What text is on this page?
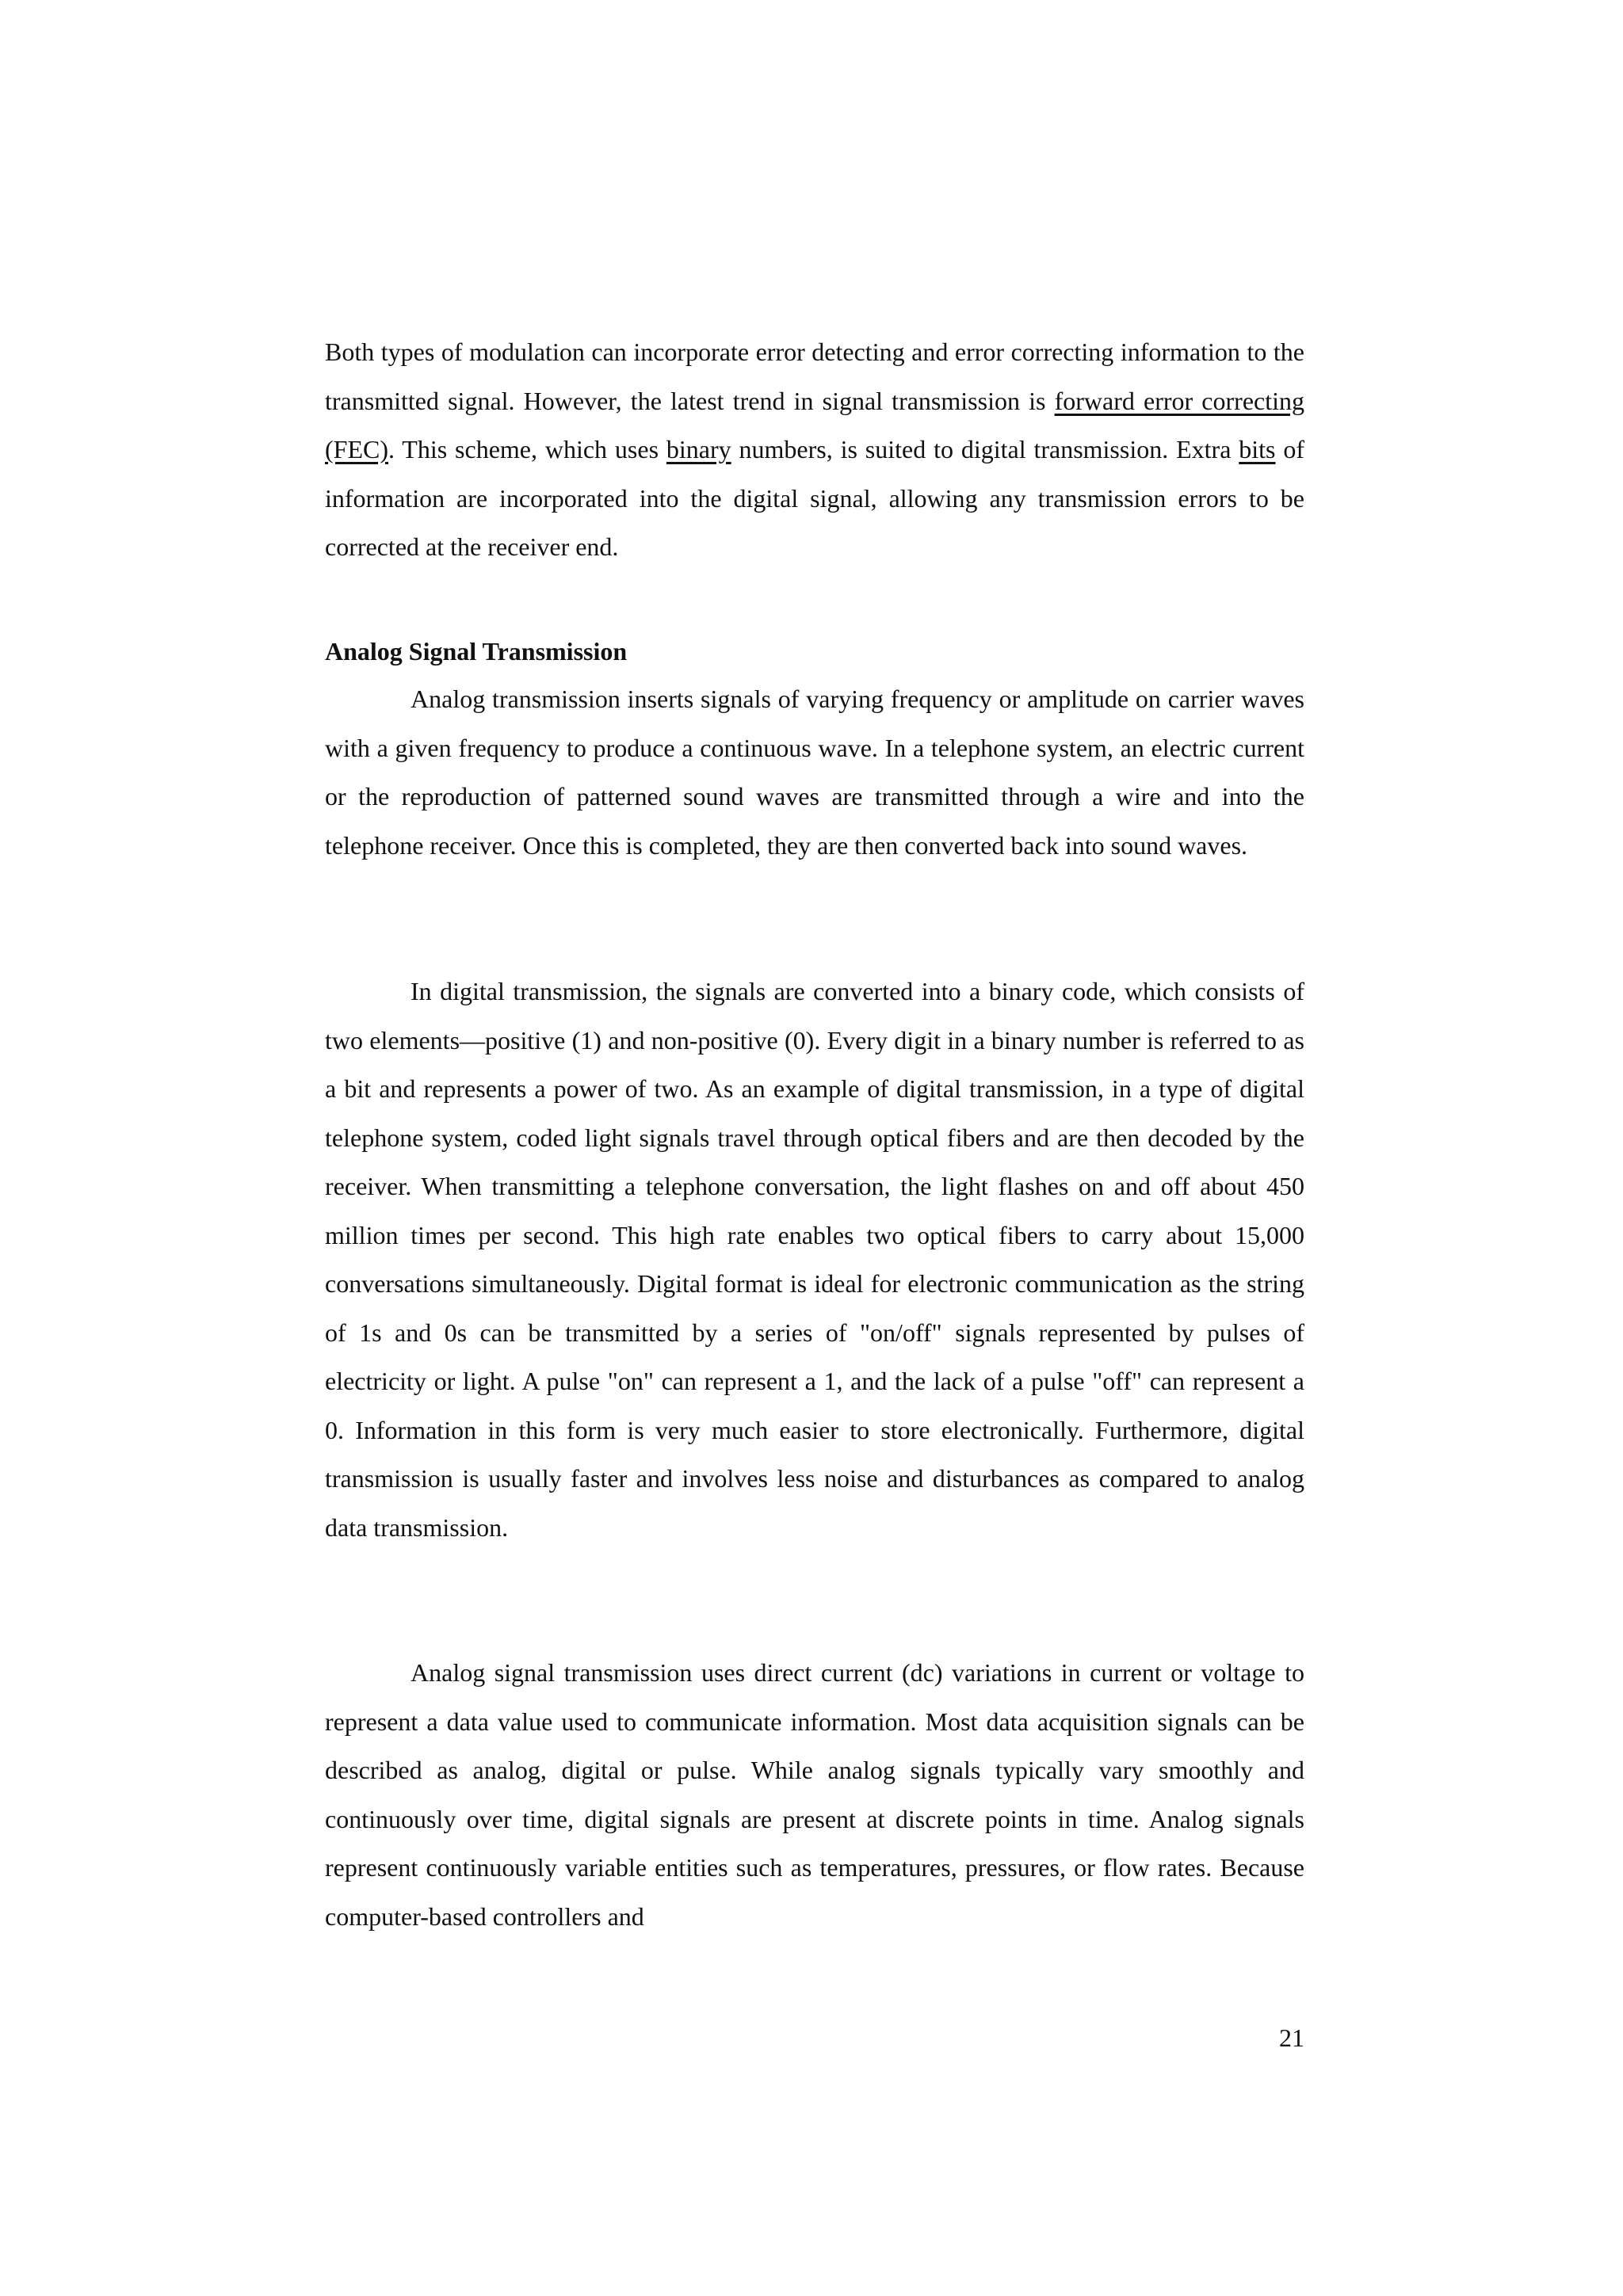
Both types of modulation can incorporate error detecting and error correcting information to the transmitted signal. However, the latest trend in signal transmission is forward error correcting (FEC). This scheme, which uses binary numbers, is suited to digital transmission. Extra bits of information are incorporated into the digital signal, allowing any transmission errors to be corrected at the receiver end.

Analog Signal Transmission

Analog transmission inserts signals of varying frequency or amplitude on carrier waves with a given frequency to produce a continuous wave. In a telephone system, an electric current or the reproduction of patterned sound waves are transmitted through a wire and into the telephone receiver. Once this is completed, they are then converted back into sound waves.

In digital transmission, the signals are converted into a binary code, which consists of two elements—positive (1) and non-positive (0). Every digit in a binary number is referred to as a bit and represents a power of two. As an example of digital transmission, in a type of digital telephone system, coded light signals travel through optical fibers and are then decoded by the receiver. When transmitting a telephone conversation, the light flashes on and off about 450 million times per second. This high rate enables two optical fibers to carry about 15,000 conversations simultaneously. Digital format is ideal for electronic communication as the string of 1s and 0s can be transmitted by a series of "on/off" signals represented by pulses of electricity or light. A pulse "on" can represent a 1, and the lack of a pulse "off" can represent a 0. Information in this form is very much easier to store electronically. Furthermore, digital transmission is usually faster and involves less noise and disturbances as compared to analog data transmission.

Analog signal transmission uses direct current (dc) variations in current or voltage to represent a data value used to communicate information. Most data acquisition signals can be described as analog, digital or pulse. While analog signals typically vary smoothly and continuously over time, digital signals are present at discrete points in time. Analog signals represent continuously variable entities such as temperatures, pressures, or flow rates. Because computer-based controllers and

21
